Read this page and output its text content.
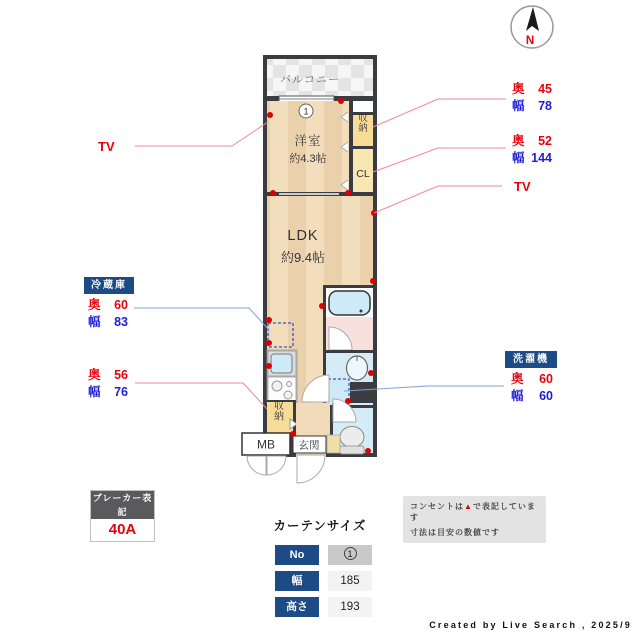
バルコニー
1
洋室
約4.3帖
収納
CL
LDK
約9.4帖
収納
玄関
MB
N
TV
奥 45
幅 78
奥 52
幅 144
TV
冷蔵庫
奥 60
幅 83
奥 56
幅 76
洗濯機
奥 60
幅 60
ブレーカー表記
40A	カーテンサイズ
No	1
幅	185
高さ	193
コンセントは▲で表記しています
寸法は目安の数値です
Created by Live Search , 2025/9
